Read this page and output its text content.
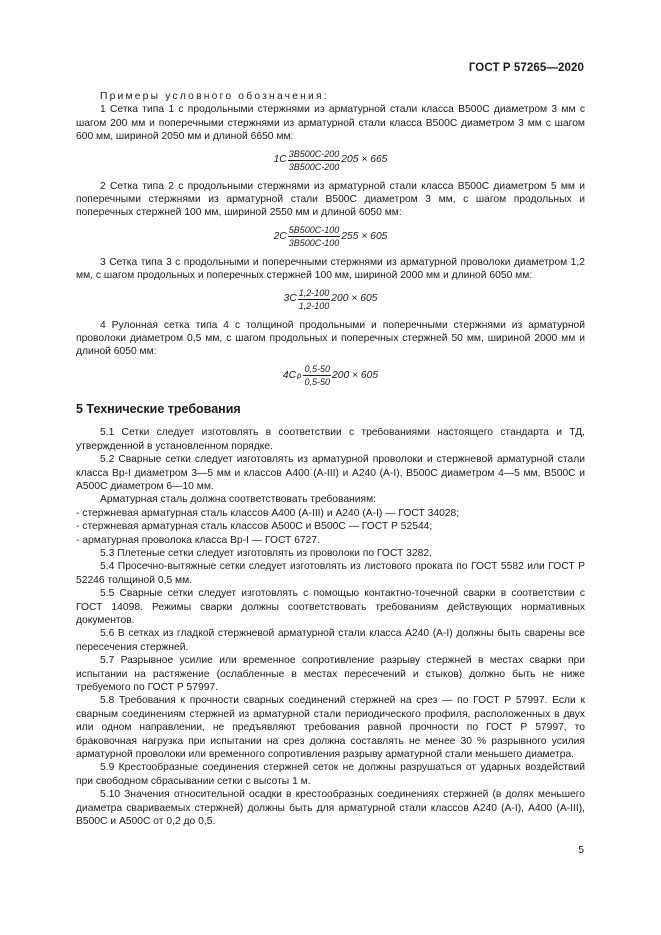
ГОСТ Р 57265—2020

Примеры условного обозначения:

1 Сетка типа 1 с продольными стержнями из арматурной стали класса В500С диаметром 3 мм с шагом 200 мм и поперечными стержнями из арматурной стали класса В500С диаметром 3 мм с шагом 600 мм, шириной 2050 мм и длиной 6650 мм:

$1С \frac{3В500С-200}{3В500С-200} 205 \times 665$

2 Сетка типа 2 с продольными стержнями из арматурной стали класса В500С диаметром 5 мм и поперечными стержнями из арматурной стали В500С диаметром 3 мм, с шагом продольных и поперечных стержней 100 мм, шириной 2550 мм и длиной 6050 мм:

$2С \frac{5В500С-100}{3В500С-100} 255 \times 605$

3 Сетка типа 3 с продольными и поперечными стержнями из арматурной проволоки диаметром 1,2 мм, с шагом продольных и поперечных стержней 100 мм, шириной 2000 мм и длиной 6050 мм:

$3С \frac{1,2-100}{1,2-100} 200 \times 605$

4 Рулонная сетка типа 4 с толщиной продольными и поперечными стержнями из арматурной проволоки диаметром 0,5 мм, с шагом продольных и поперечных стержней 50 мм, шириной 2000 мм и длиной 6050 мм:

4С р $\frac{0,5-50}{0,5-50} 200 \times 605$
5 Технические требования

5.1 Сетки следует изготовлять в соответствии с требованиями настоящего стандарта и ТД, утвержденной в установленном порядке.

5.2 Сварные сетки следует изготовлять из арматурной проволоки и стержневой арматурной стали класса Вр-I диаметром 3—5 мм и классов А400 (А-III) и А240 (А-I), В500С диаметром 4—5 мм, В500С и А500С диаметром 6—10 мм.

Арматурная сталь должна соответствовать требованиям:

- стержневая арматурная сталь классов А400 (А-III) и А240 (А-I) — ГОСТ 34028;

- стержневая арматурная сталь классов А500С и В500С — ГОСТ Р 52544;

- арматурная проволока класса Вр-I — ГОСТ 6727.

5.3 Плетеные сетки следует изготовлять из проволоки по ГОСТ 3282.

5.4 Просечно-вытяжные сетки следует изготовлять из листового проката по ГОСТ 5582 или ГОСТ Р 52246 толщиной 0,5 мм.

5.5 Сварные сетки следует изготовлять с помощью контактно-точечной сварки в соответствии с ГОСТ 14098. Режимы сварки должны соответствовать требованиям действующих нормативных документов.

5.6 В сетках из гладкой стержневой арматурной стали класса А240 (А-I) должны быть сварены все пересечения стержней.

5.7 Разрывное усилие или временное сопротивление разрыву стержней в местах сварки при испытании на растяжение (ослабленные в местах пересечений и стыков) должно быть не ниже требуемого по ГОСТ Р 57997.

5.8 Требования к прочности сварных соединений стержней на срез — по ГОСТ Р 57997. Если к сварным соединениям стержней из арматурной стали периодического профиля, расположенных в двух или одном направлении, не предъявляют требования равной прочности по ГОСТ Р 57997, то браковочная нагрузка при испытании на срез должна составлять не менее 30 % разрывного усилия арматурной проволоки или временного сопротивления разрыву арматурной стали меньшего диаметра.

5.9 Крестообразные соединения стержней сеток не должны разрушаться от ударных воздействий при свободном сбрасывании сетки с высоты 1 м.

5.10 Значения относительной осадки в крестообразных соединениях стержней (в долях меньшего диаметра свариваемых стержней) должны быть для арматурной стали классов А240 (А-I), А400 (А-III), В500С и А500С от 0,2 до 0,5.

5
